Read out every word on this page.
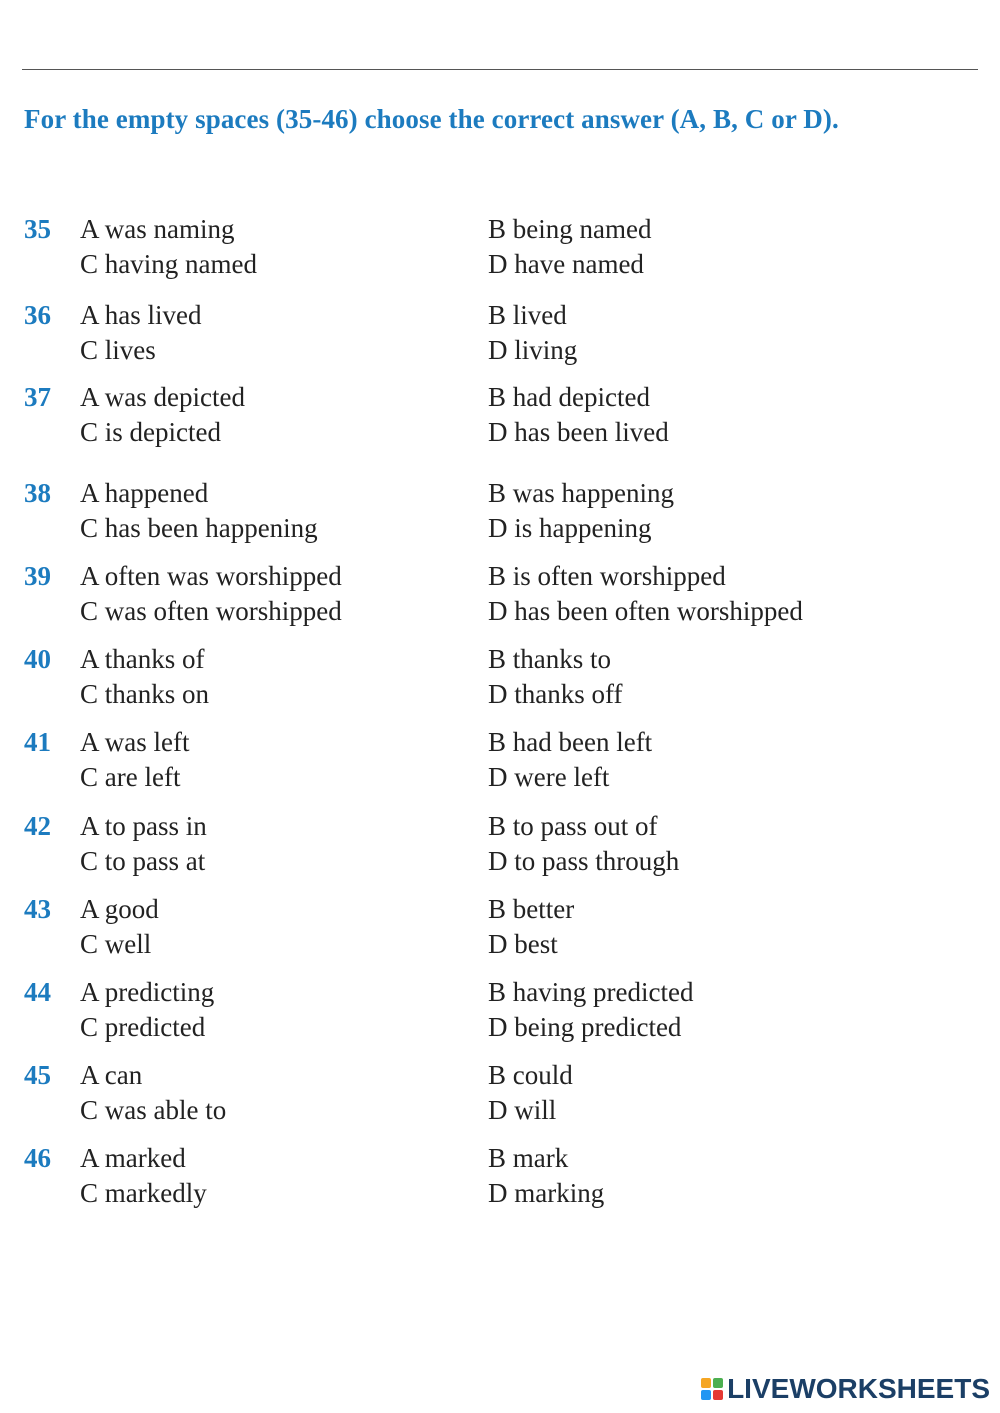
For the empty spaces (35-46) choose the correct answer (A, B, C or D).
35	A was naming	B being named
C having named	D have named
36	A has lived	B lived
C lives	D living
37	A was depicted	B had depicted
C is depicted	D has been lived
38	A happened	B was happening
C has been happening	D is happening
39	A often was worshipped	B is often worshipped
C was often worshipped	D has been often worshipped
40	A thanks of	B thanks to
C thanks on	D thanks off
41	A was left	B had been left
C are left	D were left
42	A to pass in	B to pass out of
C to pass at	D to pass through
43	A good	B better
C well	D best
44	A predicting	B having predicted
C predicted	D being predicted
45	A can	B could
C was able to	D will
46	A marked	B mark
C markedly	D marking
LIVEWORKSHEETS
